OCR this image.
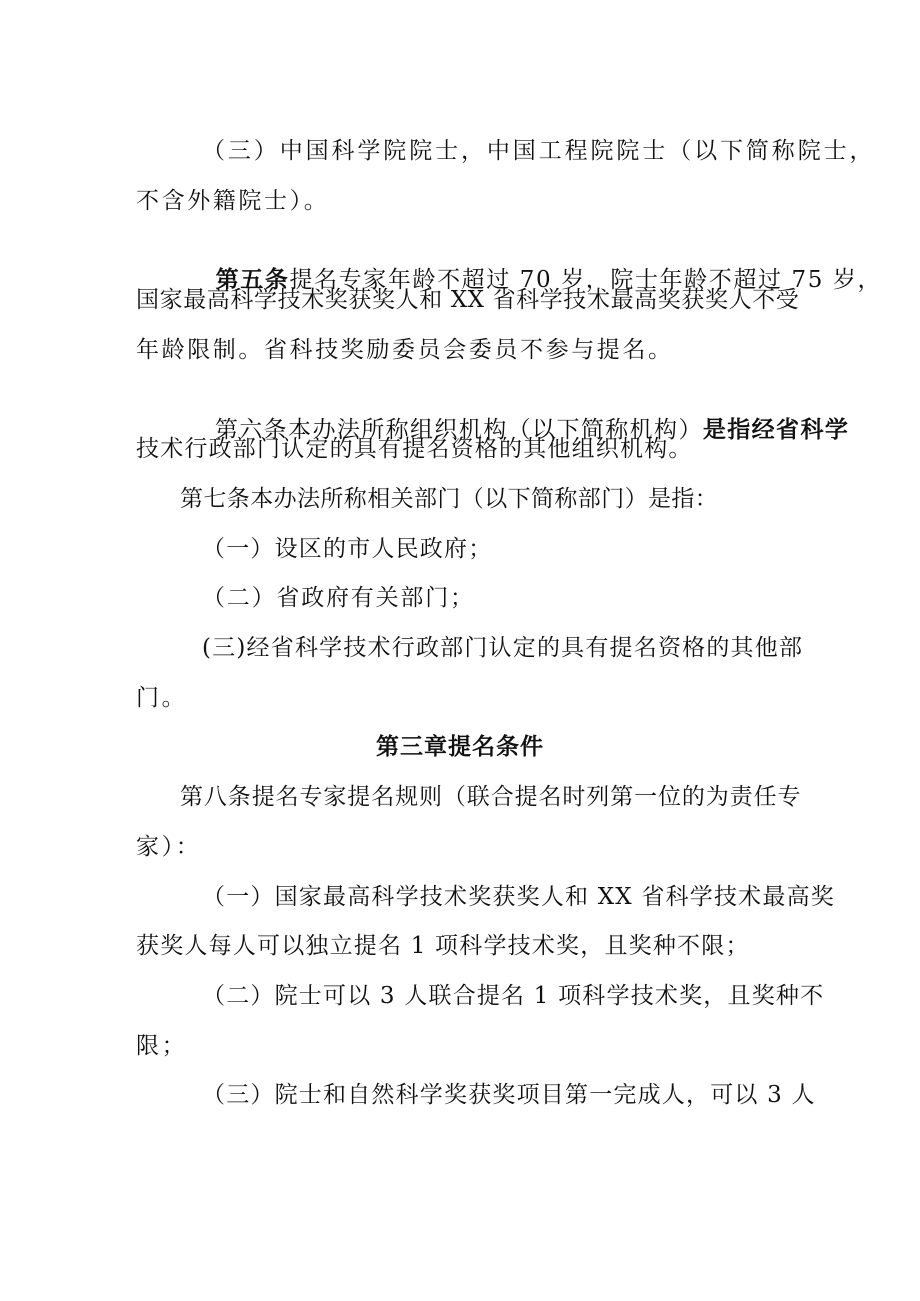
（三）中国科学院院士，中国工程院院士（以下简称院士，
不含外籍院士）。

第五条提名专家年龄不超过 70 岁，院士年龄不超过 75 岁，

国家最高科学技术奖获奖人和 XX 省科学技术最高奖获奖人不受
年龄限制。省科技奖励委员会委员不参与提名。

第六条本办法所称组织机构（以下简称机构）是指经省科学

技术行政部门认定的具有提名资格的其他组织机构。
第七条本办法所称相关部门（以下简称部门）是指：
（一）设区的市人民政府；
（二）省政府有关部门；
(三)经省科学技术行政部门认定的具有提名资格的其他部
门。
第三章提名条件
第八条提名专家提名规则（联合提名时列第一位的为责任专
家）：
（一）国家最高科学技术奖获奖人和 XX 省科学技术最高奖
获奖人每人可以独立提名 1 项科学技术奖，且奖种不限；
（二）院士可以 3 人联合提名 1 项科学技术奖，且奖种不
限；
（三）院士和自然科学奖获奖项目第一完成人，可以 3 人
